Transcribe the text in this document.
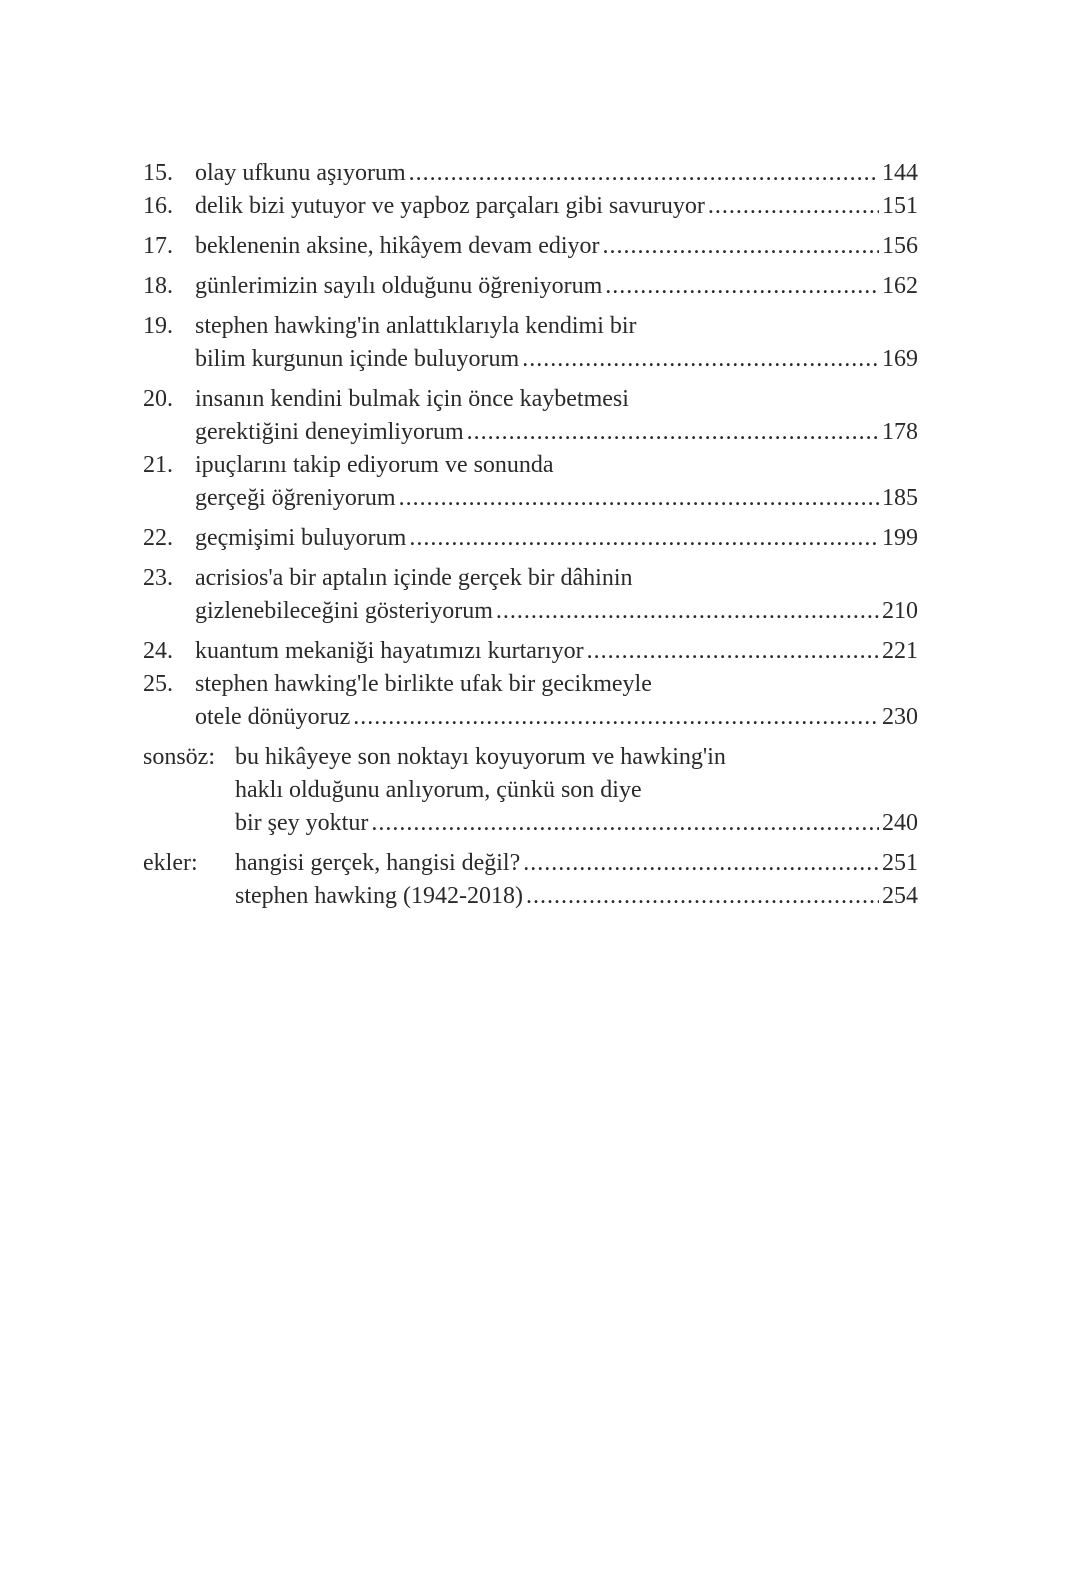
15. olay ufkunu aşıyorum .....	144
16. delik bizi yutuyor ve yapboz parçaları gibi savuruyor .....	151
17. beklenenin aksine, hikâyem devam ediyor .....	156
18. günlerimizin sayılı olduğunu öğreniyorum .....	162
19. stephen hawking'in anlattıklarıyla kendimi bir
bilim kurgunun içinde buluyorum .....	169
20. insanın kendini bulmak için önce kaybetmesi
gerektiğini deneyimliyorum .....	178
21. ipuçlarını takip ediyorum ve sonunda
gerçeği öğreniyorum .....	185
22. geçmişimi buluyorum .....	199
23. acrisios'a bir aptalın içinde gerçek bir dâhinin
gizlenebileceğini gösteriyorum .....	210
24. kuantum mekaniği hayatımızı kurtarıyor .....	221
25. stephen hawking'le birlikte ufak bir gecikmeyle
otele dönüyoruz .....	230
sonsöz: bu hikâyeye son noktayı koyuyorum ve hawking'in
haklı olduğunu anlıyorum, çünkü son diye
bir şey yoktur .....	240
ekler:	hangisi gerçek, hangisi değil? .....	251
stephen hawking (1942-2018) .....	254
